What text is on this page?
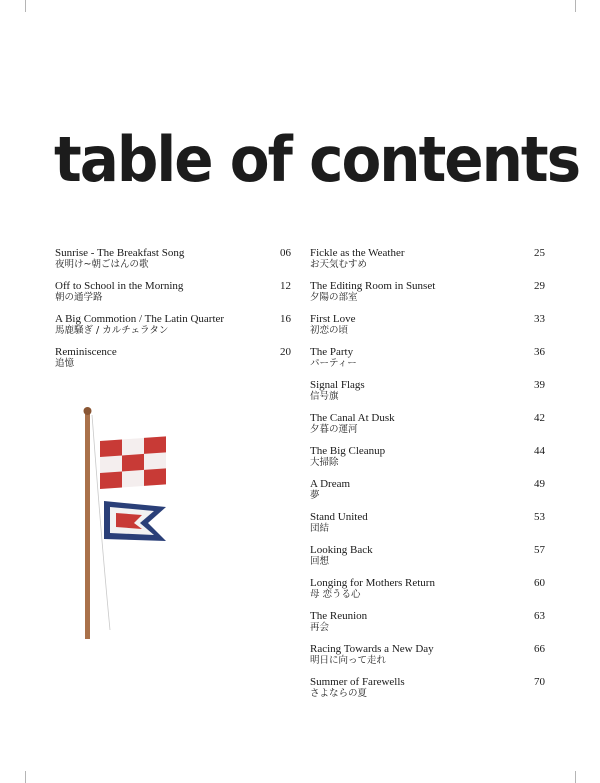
table of contents
Sunrise - The Breakfast Song
夜明け~朝ごはんの歌
06
Off to School in the Morning
朝の通学路
12
A Big Commotion / The Latin Quarter
馬鹿騒ぎ / カルチェラタン
16
Reminiscence
追憶
20
Fickle as the Weather
お天気むすめ
25
The Editing Room in Sunset
夕陽の部室
29
First Love
初恋の頃
33
The Party
パーティー
36
Signal Flags
信号旗
39
The Canal At Dusk
夕暮の運河
42
The Big Cleanup
大掃除
44
A Dream
夢
49
Stand United
団結
53
Looking Back
回想
57
Longing for Mothers Return
母 恋うる心
60
The Reunion
再会
63
Racing Towards a New Day
明日に向って走れ
66
Summer of Farewells
さよならの夏
70
